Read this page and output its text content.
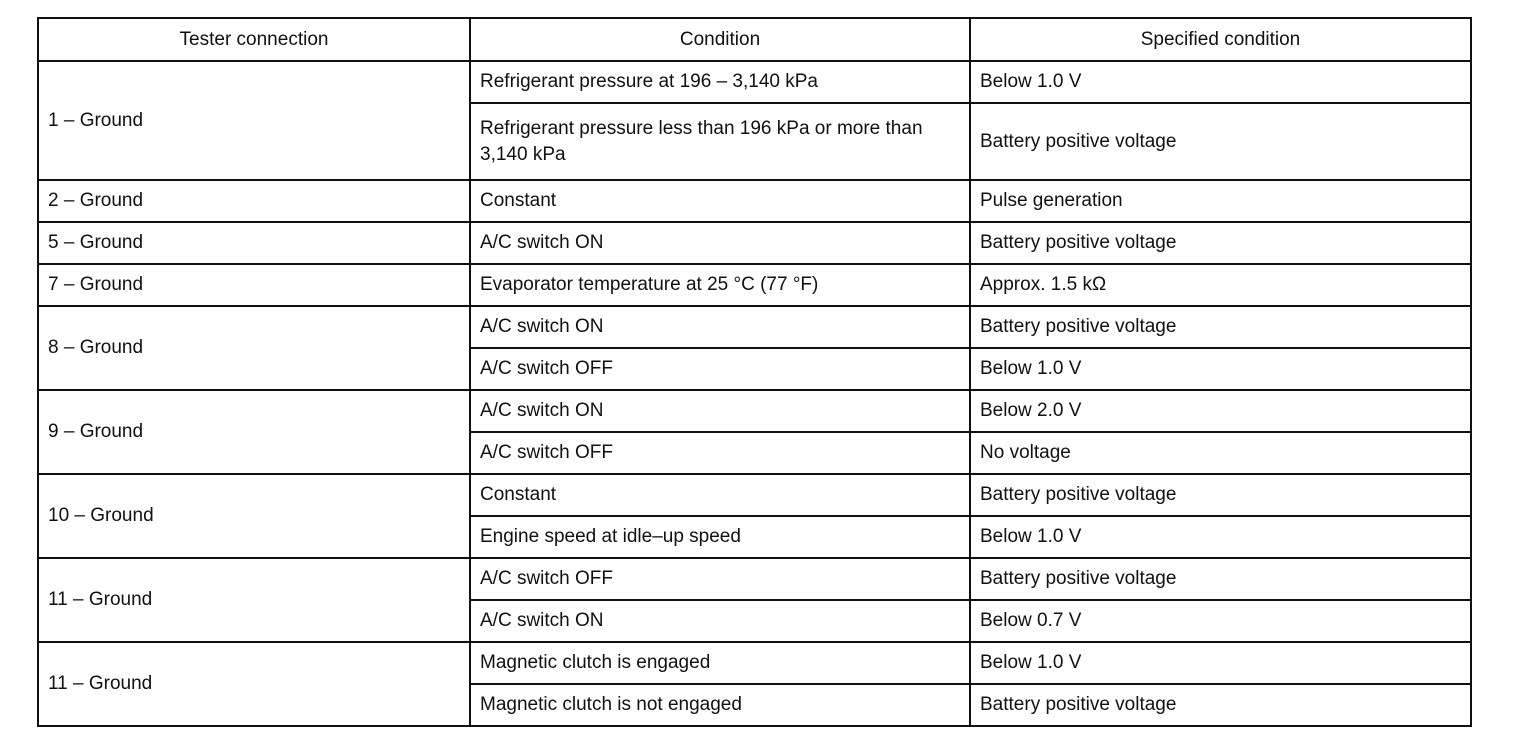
Tester connection	Condition	Specified condition
1 – Ground	Refrigerant pressure at 196 – 3,140 kPa	Below 1.0 V
	Refrigerant pressure less than 196 kPa or more than 3,140 kPa	Battery positive voltage
2 – Ground	Constant	Pulse generation
5 – Ground	A/C switch ON	Battery positive voltage
7 – Ground	Evaporator temperature at 25 °C (77 °F)	Approx. 1.5 kΩ
8 – Ground	A/C switch ON	Battery positive voltage
	A/C switch OFF	Below 1.0 V
9 – Ground	A/C switch ON	Below 2.0 V
	A/C switch OFF	No voltage
10 – Ground	Constant	Battery positive voltage
	Engine speed at idle–up speed	Below 1.0 V
11 – Ground	A/C switch OFF	Battery positive voltage
	A/C switch ON	Below 0.7 V
11 – Ground	Magnetic clutch is engaged	Below 1.0 V
	Magnetic clutch is not engaged	Battery positive voltage
